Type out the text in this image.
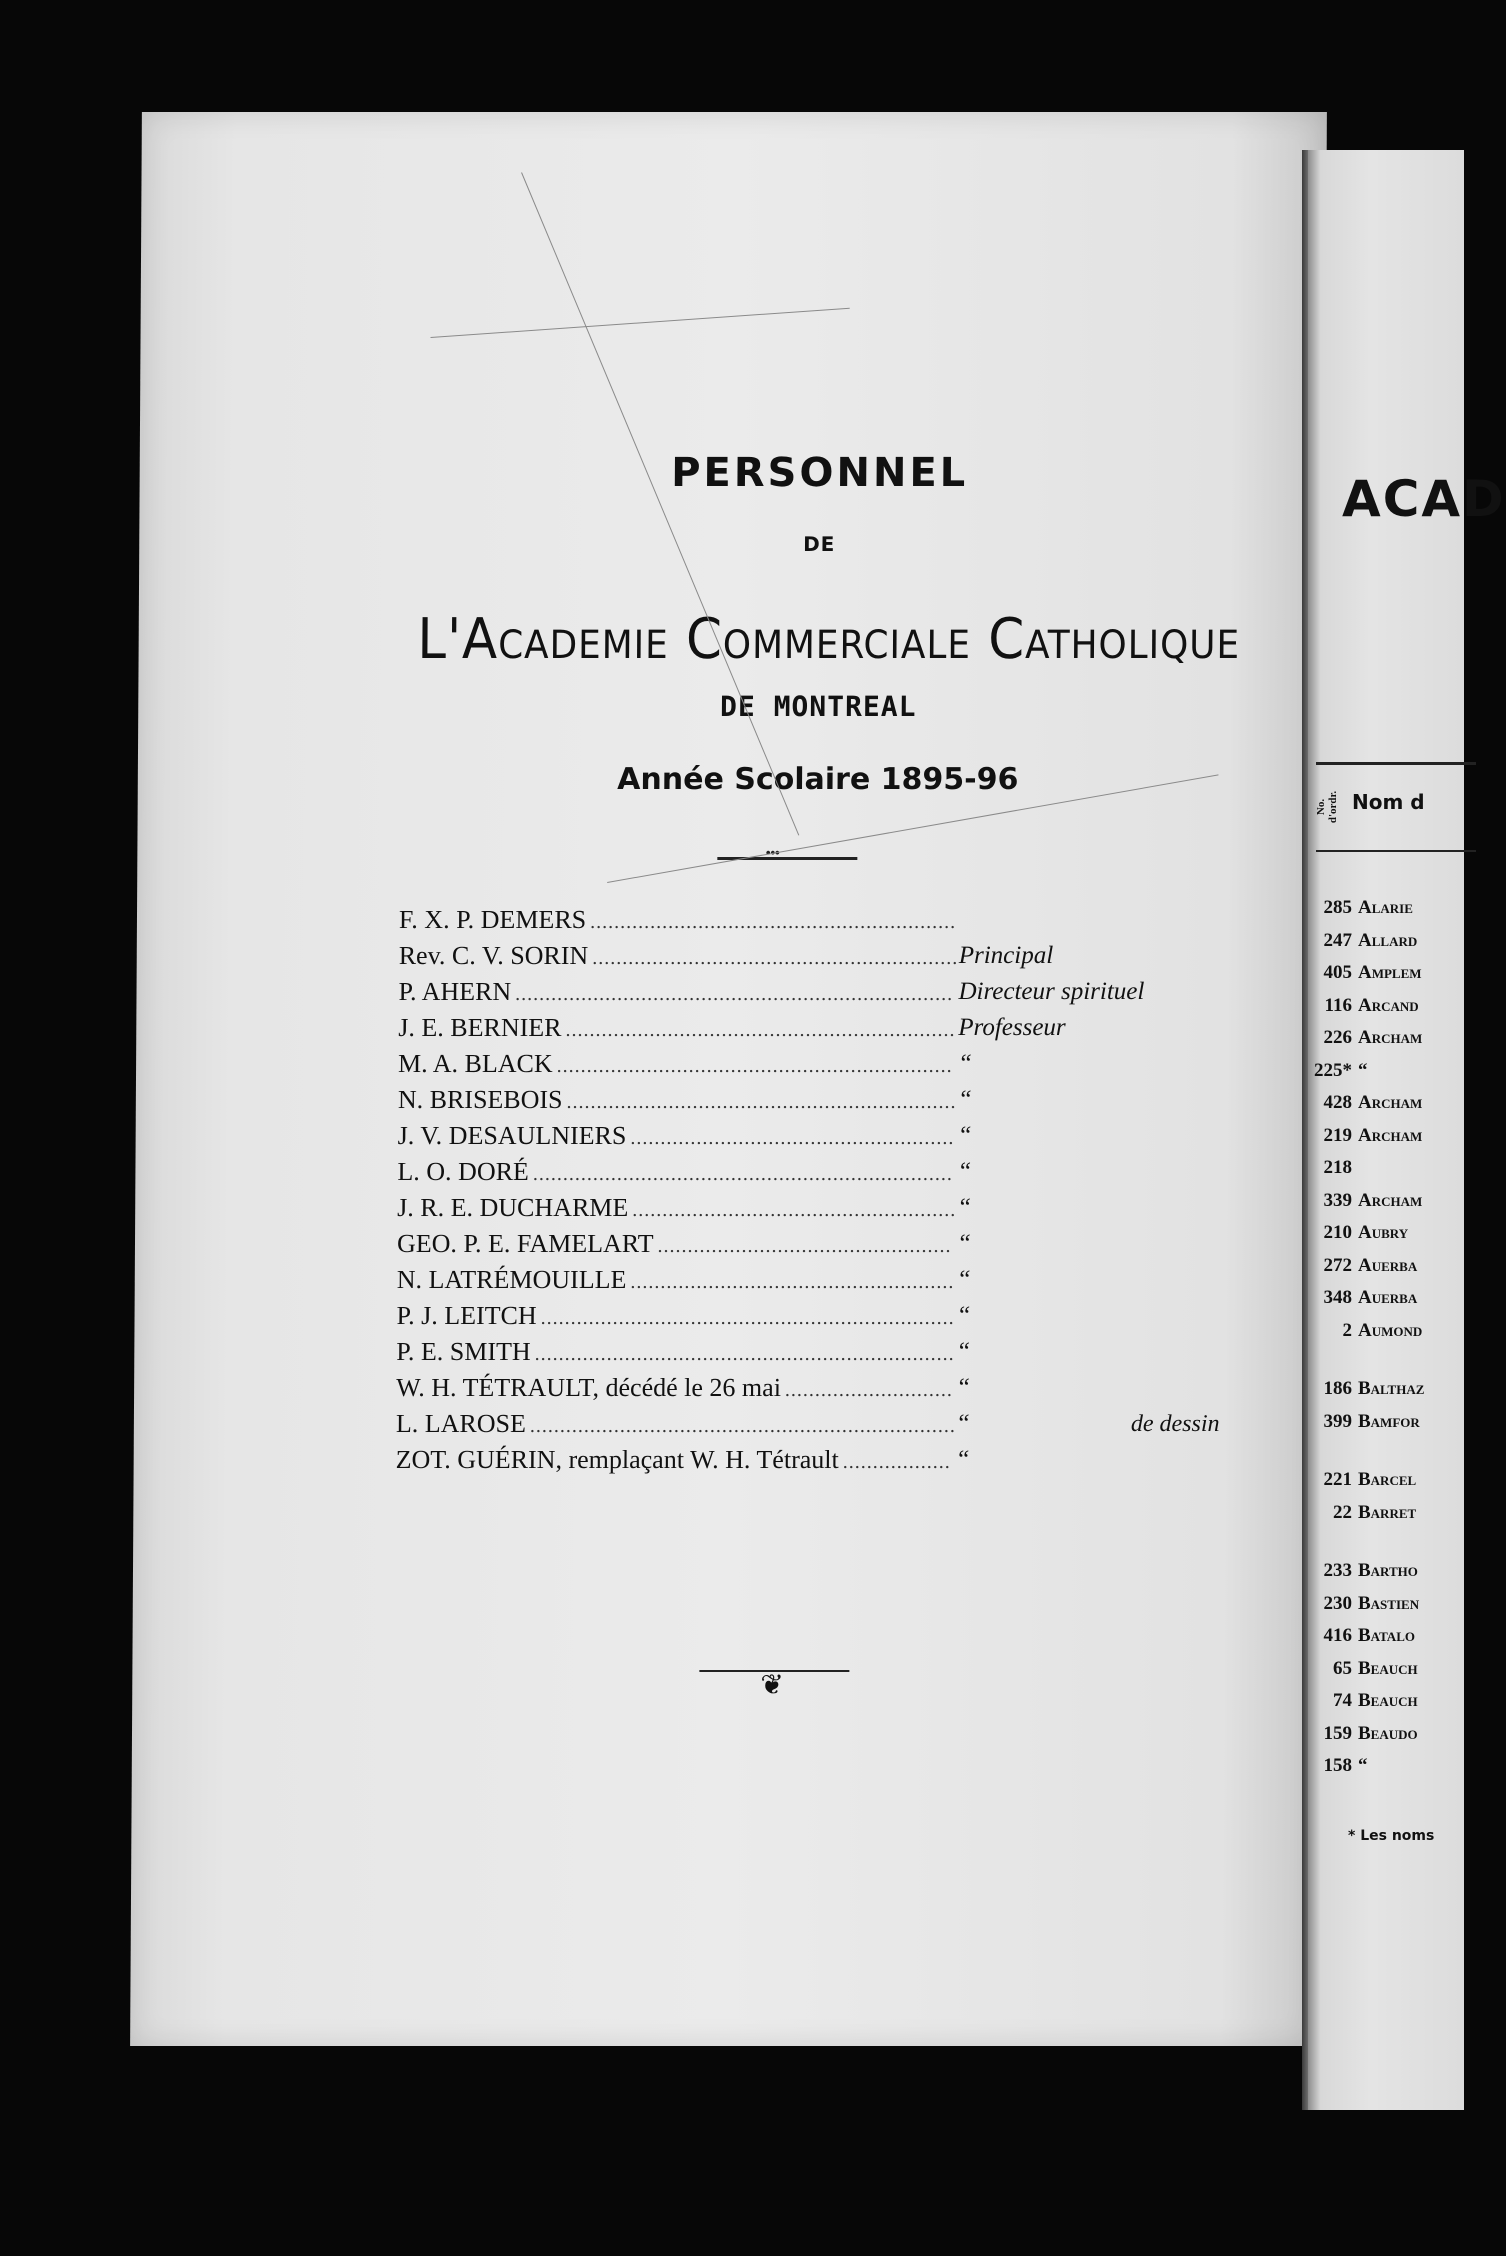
PERSONNEL
DE
L'Academie Commerciale Catholique
DE MONTREAL
Année Scolaire 1895-96
•••
F. X. P. DEMERS .............................................................
Rev. C. V. SORIN ............................................................. Principal
P. AHERN ......................................................................... Directeur spirituel
J. E. BERNIER ................................................................. Professeur
M. A. BLACK .................................................................. “
N. BRISEBOIS ................................................................. “
J. V. DESAULNIERS ...................................................... “
L. O. DORÉ ...................................................................... “
J. R. E. DUCHARME ...................................................... “
GEO. P. E. FAMELART ................................................. “
N. LATRÉMOUILLE ...................................................... “
P. J. LEITCH ..................................................................... “
P. E. SMITH ...................................................................... “
W. H. TÉTRAULT, décédé le 26 mai ............................ “
L. LAROSE ....................................................................... “	de dessin
ZOT. GUÉRIN, remplaçant W. H. Tétrault .................. “
❦
ACAD
No. d'ordr. Nom d
285 Alarie
247 Allard
405 Amplem
116 Arcand
226 Archam
225* “
428 Archam
219 Archam
218
339 Archam
210 Aubry
272 Auerba
348 Auerba
2 Aumond
186 Balthaz
399 Bamfor
221 Barcel
22 Barret
233 Bartho
230 Bastien
416 Batalo
65 Beauch
74 Beauch
159 Beaudo
158 “
* Les noms
